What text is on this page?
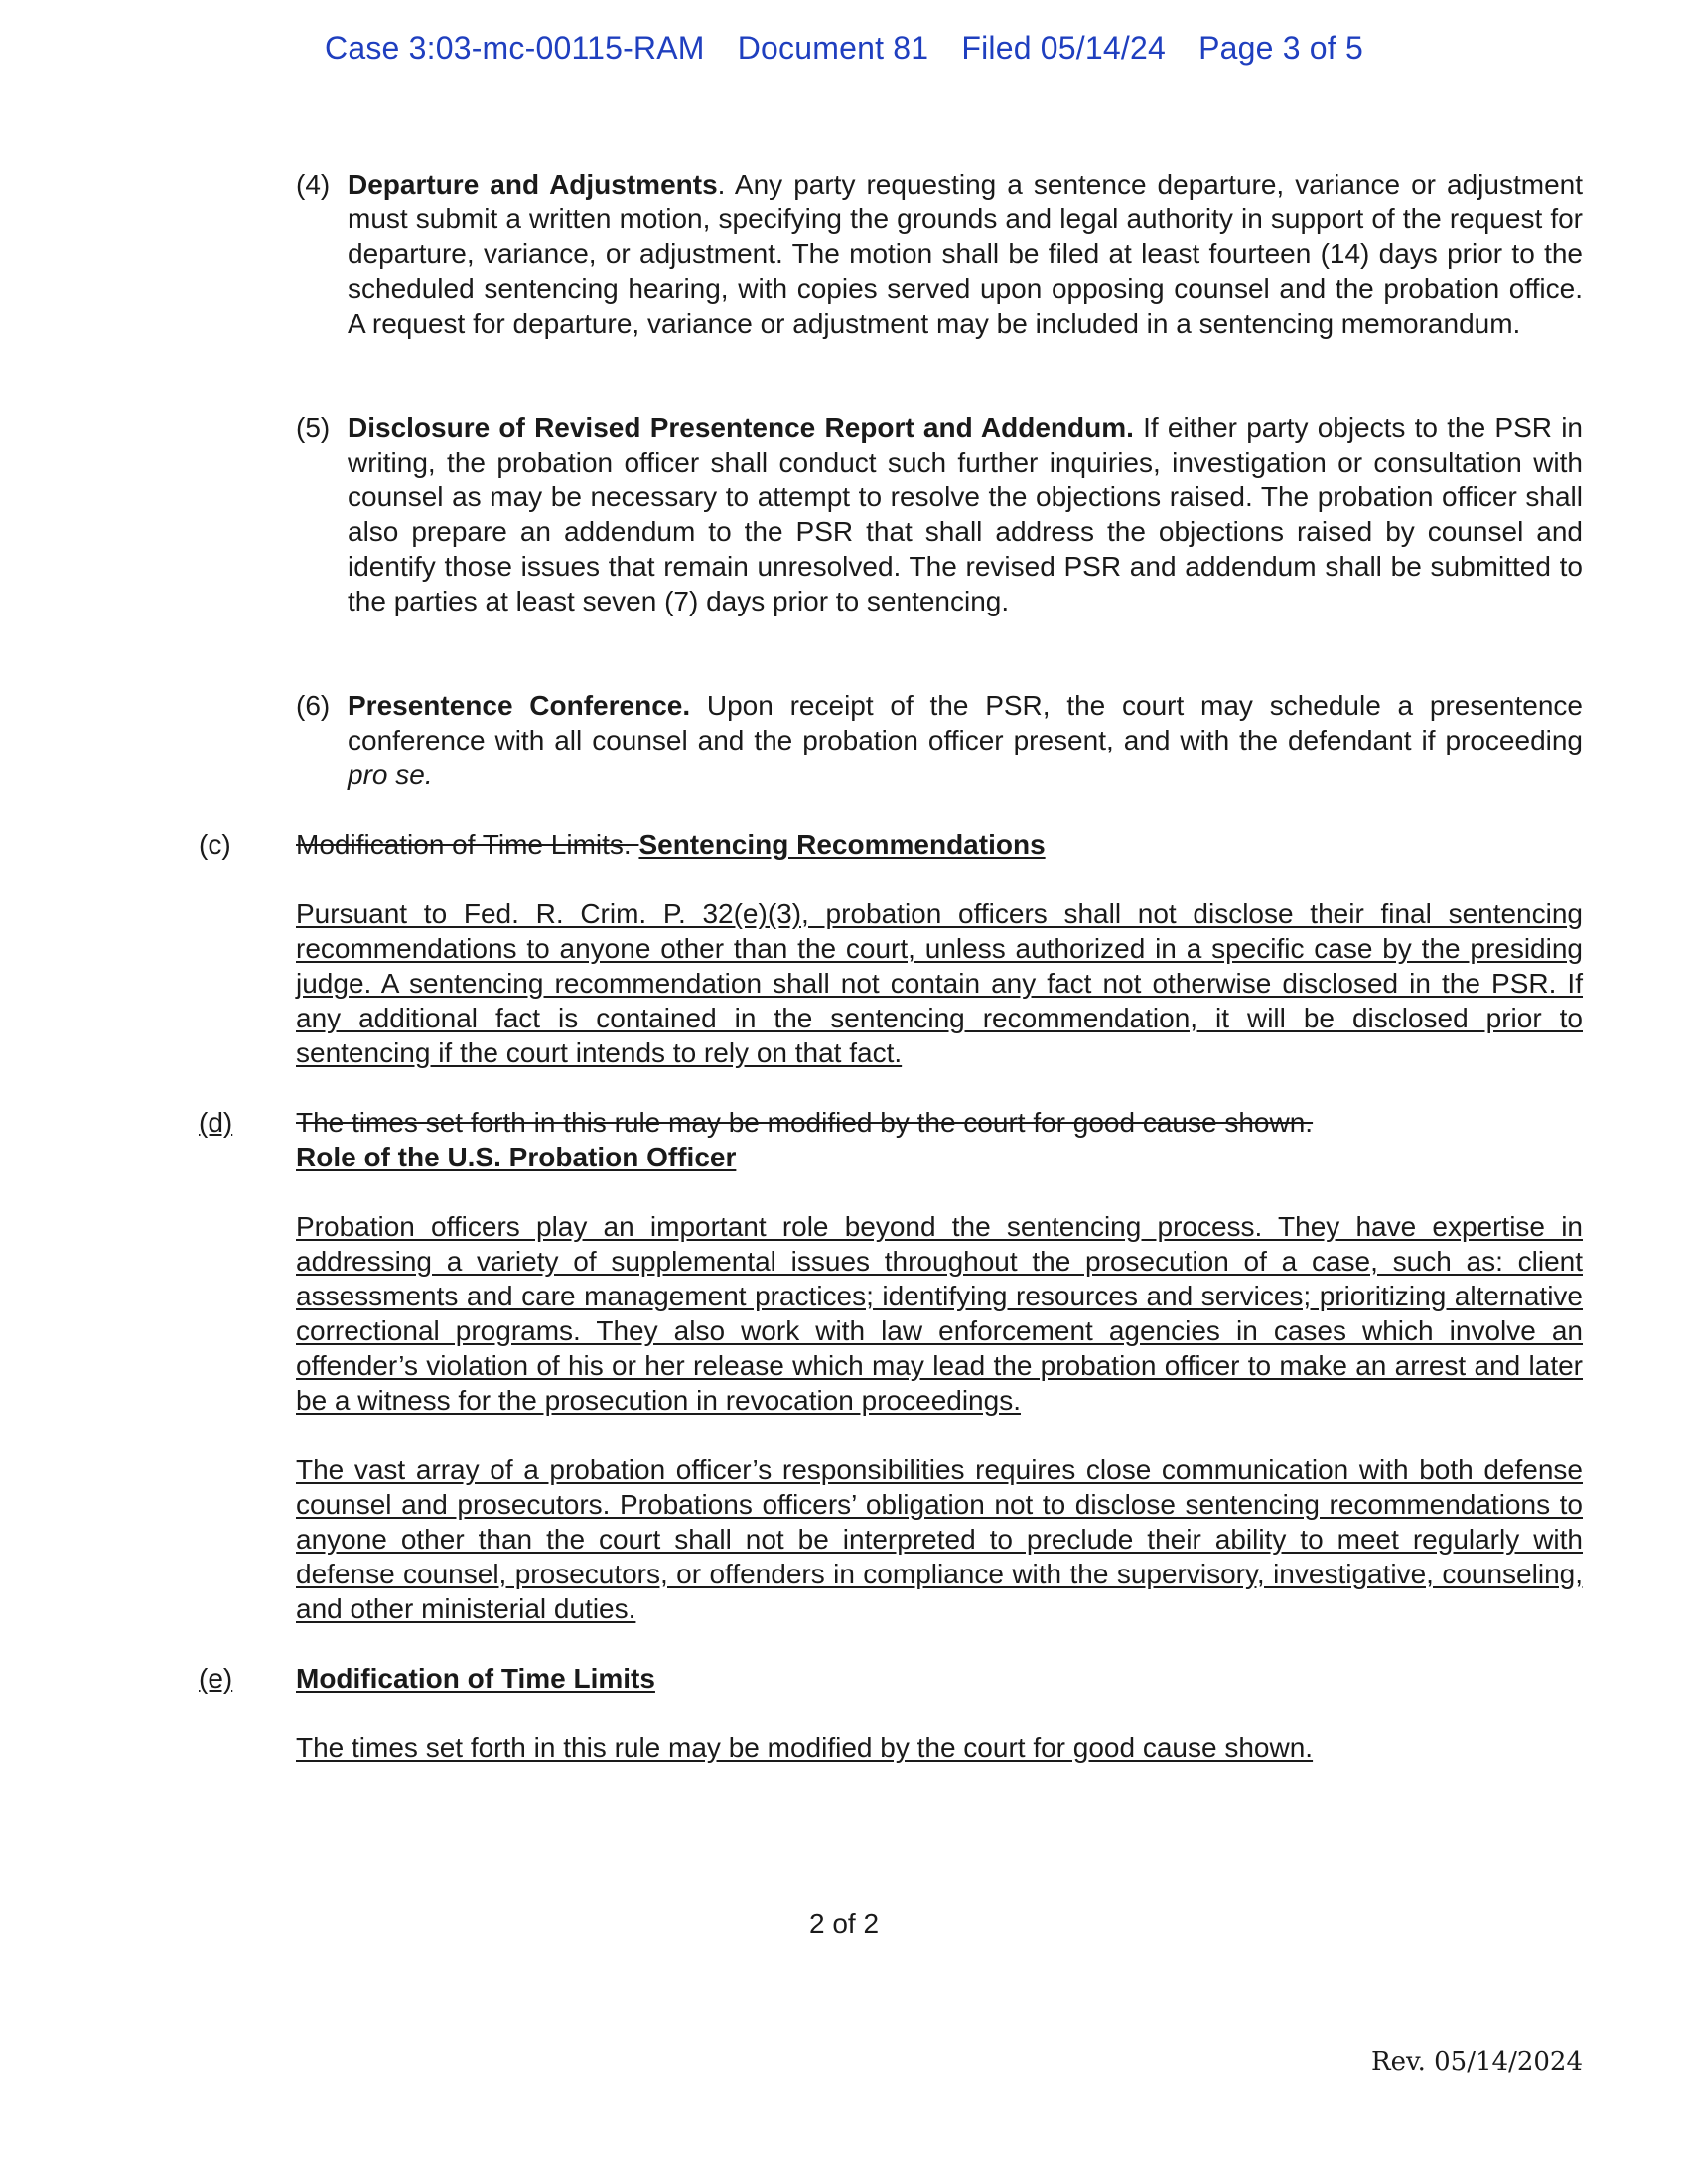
Case 3:03-mc-00115-RAM Document 81 Filed 05/14/24 Page 3 of 5
(4) Departure and Adjustments. Any party requesting a sentence departure, variance or adjustment must submit a written motion, specifying the grounds and legal authority in support of the request for departure, variance, or adjustment. The motion shall be filed at least fourteen (14) days prior to the scheduled sentencing hearing, with copies served upon opposing counsel and the probation office. A request for departure, variance or adjustment may be included in a sentencing memorandum.
(5) Disclosure of Revised Presentence Report and Addendum. If either party objects to the PSR in writing, the probation officer shall conduct such further inquiries, investigation or consultation with counsel as may be necessary to attempt to resolve the objections raised. The probation officer shall also prepare an addendum to the PSR that shall address the objections raised by counsel and identify those issues that remain unresolved. The revised PSR and addendum shall be submitted to the parties at least seven (7) days prior to sentencing.
(6) Presentence Conference. Upon receipt of the PSR, the court may schedule a presentence conference with all counsel and the probation officer present, and with the defendant if proceeding pro se.
(c) Modification of Time Limits. Sentencing Recommendations
Pursuant to Fed. R. Crim. P. 32(e)(3), probation officers shall not disclose their final sentencing recommendations to anyone other than the court, unless authorized in a specific case by the presiding judge. A sentencing recommendation shall not contain any fact not otherwise disclosed in the PSR. If any additional fact is contained in the sentencing recommendation, it will be disclosed prior to sentencing if the court intends to rely on that fact.
(d)	The times set forth in this rule may be modified by the court for good cause shown.
Role of the U.S. Probation Officer
Probation officers play an important role beyond the sentencing process. They have expertise in addressing a variety of supplemental issues throughout the prosecution of a case, such as: client assessments and care management practices; identifying resources and services; prioritizing alternative correctional programs. They also work with law enforcement agencies in cases which involve an offender’s violation of his or her release which may lead the probation officer to make an arrest and later be a witness for the prosecution in revocation proceedings.
The vast array of a probation officer’s responsibilities requires close communication with both defense counsel and prosecutors. Probations officers’ obligation not to disclose sentencing recommendations to anyone other than the court shall not be interpreted to preclude their ability to meet regularly with defense counsel, prosecutors, or offenders in compliance with the supervisory, investigative, counseling, and other ministerial duties.
(e)	Modification of Time Limits
The times set forth in this rule may be modified by the court for good cause shown.
2 of 2
Rev. 05/14/2024
